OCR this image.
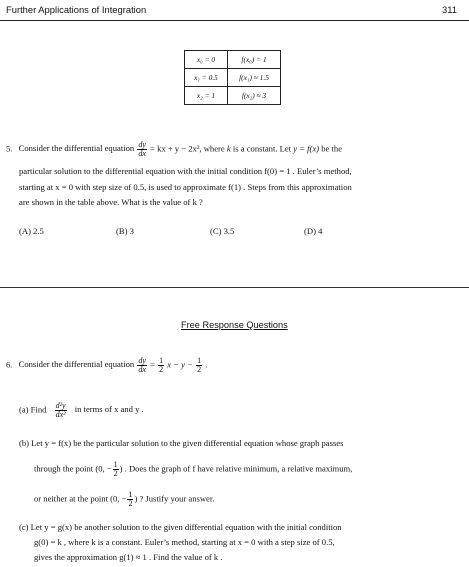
Further Applications of Integration	311
x₀ = 0	f(x₀) = 1
x₁ = 0.5	f(x₁) ≈ 1.5
x₂ = 1	f(x₂) ≈ 3
5. Consider the differential equation $\frac{dy}{dx}$ = kx + y − 2x², where k is a constant. Let y = f(x) be the
particular solution to the differential equation with the initial condition f(0) = 1 . Euler’s method,
starting at x = 0 with step size of 0.5, is used to approximate f(1) . Steps from this approximation
are shown in the table above. What is the value of k ?
(A) 2.5	(B) 3	(C) 3.5	(D) 4
Free Response Questions
6. Consider the differential equation $\frac{dy}{dx} = \frac{1}{2}$ $x - y - \frac{1}{2}$ .
(a) Find $\frac{\text{d²y}}{\text{dx²}}$ in terms of x and y .
(b) Let y = f(x) be the particular solution to the given differential equation whose graph passes
through the point (0, − $\frac{1}{2}$ ) . Does the graph of f have relative minimum, a relative maximum,
or neither at the point (0, − $\frac{1}{2}$ ) ? Justify your answer.
(c) Let y = g(x) be another solution to the given differential equation with the initial condition
g(0) = k , where k is a constant. Euler’s method, starting at x = 0 with a step size of 0.5,
gives the approximation g(1) ≈ 1 . Find the value of k .
